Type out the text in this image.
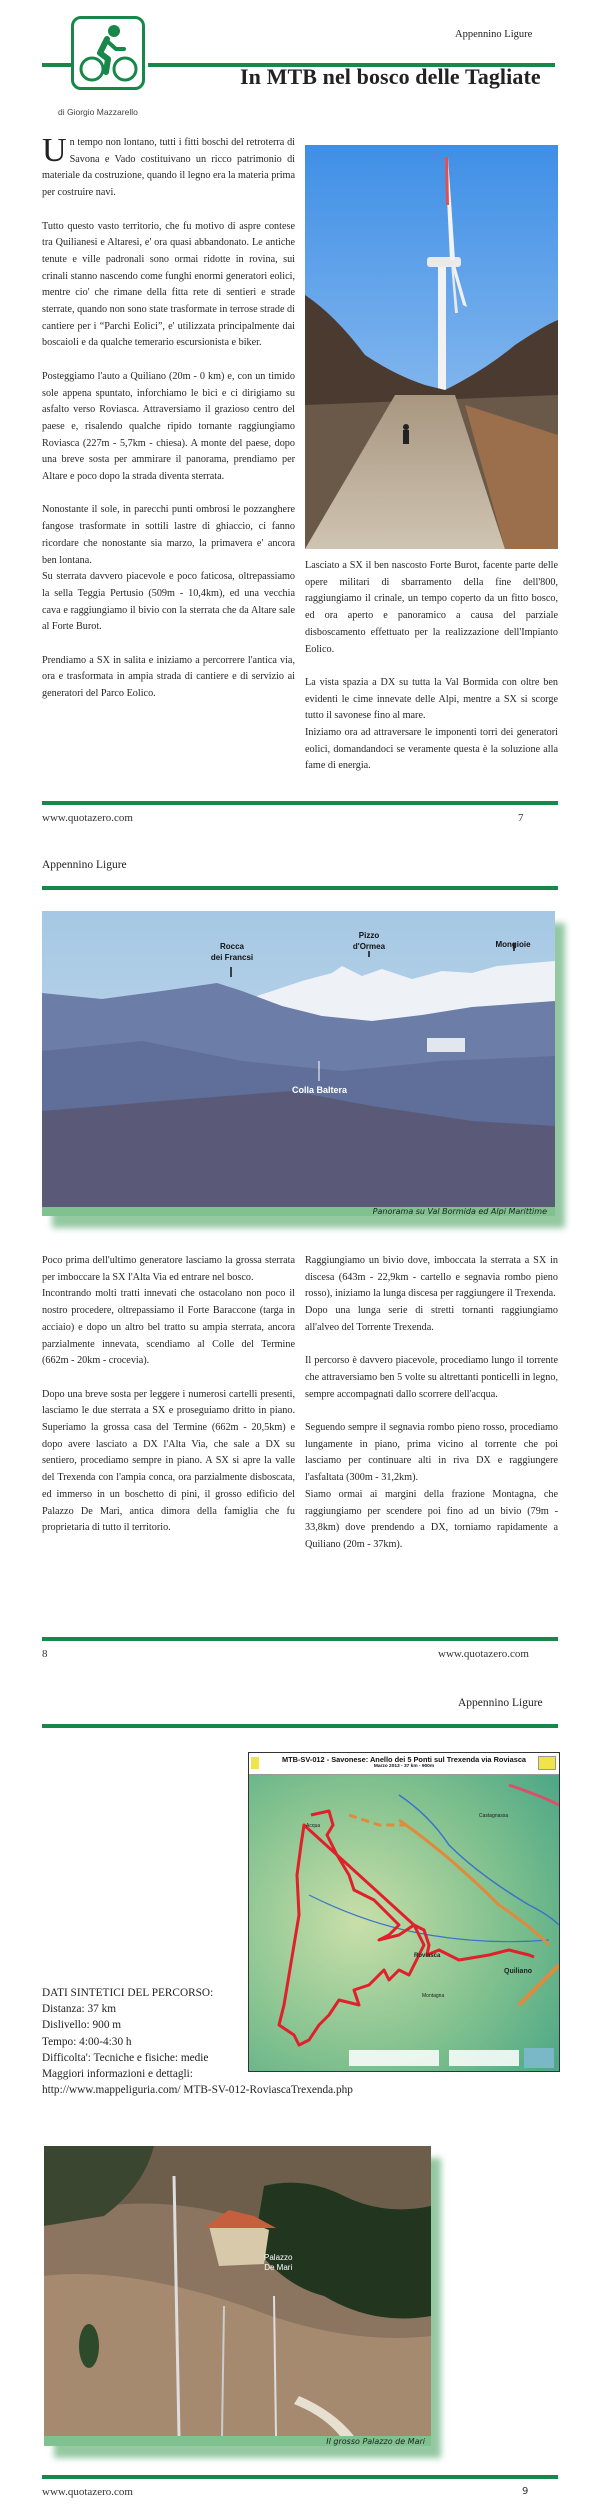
di Giorgio Mazzarello
Appennino Ligure
In MTB nel bosco delle Tagliate

Un tempo non lontano, tutti i fitti boschi del retroterra di Savona e Vado costituivano un ricco patrimonio di materiale da costruzione, quando il legno era la materia prima per costruire navi.

Tutto questo vasto territorio, che fu motivo di aspre contese tra Quilianesi e Altaresi, e' ora quasi abbandonato. Le antiche tenute e ville padronali sono ormai ridotte in rovina, sui crinali stanno nascendo come funghi enormi generatori eolici, mentre cio' che rimane della fitta rete di sentieri e strade sterrate, quando non sono state trasformate in terrose strade di cantiere per i “Parchi Eolici”, e' utilizzata principalmente dai boscaioli e da qualche temerario escursionista e biker.

Posteggiamo l'auto a Quiliano (20m - 0 km) e, con un timido sole appena spuntato, inforchiamo le bici e ci dirigiamo su asfalto verso Roviasca. Attraversiamo il grazioso centro del paese e, risalendo qualche ripido tornante raggiungiamo Roviasca (227m - 5,7km - chiesa). A monte del paese, dopo una breve sosta per ammirare il panorama, prendiamo per Altare e poco dopo la strada diventa sterrata.

Nonostante il sole, in parecchi punti ombrosi le pozzanghere fangose trasformate in sottili lastre di ghiaccio, ci fanno ricordare che nonostante sia marzo, la primavera e' ancora ben lontana.

Su sterrata davvero piacevole e poco faticosa, oltrepassiamo la sella Teggia Pertusio (509m - 10,4km), ed una vecchia cava e raggiungiamo il bivio con la sterrata che da Altare sale al Forte Burot.

Prendiamo a SX in salita e iniziamo a percorrere l'antica via, ora e trasformata in ampia strada di cantiere e di servizio ai generatori del Parco Eolico.

Lasciato a SX il ben nascosto Forte Burot, facente parte delle opere militari di sbarramento della fine dell'800, raggiungiamo il crinale, un tempo coperto da un fitto bosco, ed ora aperto e panoramico a causa del parziale disboscamento effettuato per la realizzazione dell'Impianto Eolico.

La vista spazia a DX su tutta la Val Bormida con oltre ben evidenti le cime innevate delle Alpi, mentre a SX si scorge tutto il savonese fino al mare.

Iniziamo ora ad attraversare le imponenti torri dei generatori eolici, domandandoci se veramente questa è la soluzione alla fame di energia.

www.quotazero.com	7
Appennino Ligure
Rocca
dei Francsi
Pizzo
d'Ormea	Mongioie
Colla Baltera
Panorama su Val Bormida ed Alpi Marittime

Poco prima dell'ultimo generatore lasciamo la grossa sterrata per imboccare la SX l'Alta Via ed entrare nel bosco.

Incontrando molti tratti innevati che ostacolano non poco il nostro procedere, oltrepassiamo il Forte Baraccone (targa in acciaio) e dopo un altro bel tratto su ampia sterrata, ancora parzialmente innevata, scendiamo al Colle del Termine (662m - 20km - crocevia).

Dopo una breve sosta per leggere i numerosi cartelli presenti, lasciamo le due sterrata a SX e proseguiamo dritto in piano. Superiamo la grossa casa del Termine (662m - 20,5km) e dopo avere lasciato a DX l'Alta Via, che sale a DX su sentiero, procediamo sempre in piano. A SX si apre la valle del Trexenda con l'ampia conca, ora parzialmente disboscata, ed immerso in un boschetto di pini, il grosso edificio del Palazzo De Mari, antica dimora della famiglia che fu proprietaria di tutto il territorio.

Raggiungiamo un bivio dove, imboccata la sterrata a SX in discesa (643m - 22,9km - cartello e segnavia rombo pieno rosso), iniziamo la lunga discesa per raggiungere il Trexenda.

Dopo una lunga serie di stretti tornanti raggiungiamo all'alveo del Torrente Trexenda.

Il percorso è davvero piacevole, procediamo lungo il torrente che attraversiamo ben 5 volte su altrettanti ponticelli in legno, sempre accompagnati dallo scorrere dell'acqua.

Seguendo sempre il segnavia rombo pieno rosso, procediamo lungamente in piano, prima vicino al torrente che poi lasciamo per continuare alti in riva DX e raggiungere l'asfaltata (300m - 31,2km).

Siamo ormai ai margini della frazione Montagna, che raggiungiamo per scendere poi fino ad un bivio (79m - 33,8km) dove prendendo a DX, torniamo rapidamente a Quiliano (20m - 37km).

8	www.quotazero.com
Appennino Ligure
MTB-SV-012 - Savonese: Anello dei 5 Ponti sul Trexenda via Roviasca
Marzo 2013 - 37 km - 900m
Acqua
Roviasca
Quiliano
Montagna
Castagnassa
DATI SINTETICI DEL PERCORSO:
Distanza: 37 km
Dislivello: 900 m
Tempo: 4:00-4:30 h
Difficolta': Tecniche e fisiche: medie
Maggiori informazioni e dettagli:
http://www.mappeliguria.com/ MTB-SV-012-RoviascaTrexenda.php
Palazzo
De Mari
Il grosso Palazzo de Mari
www.quotazero.com	9
